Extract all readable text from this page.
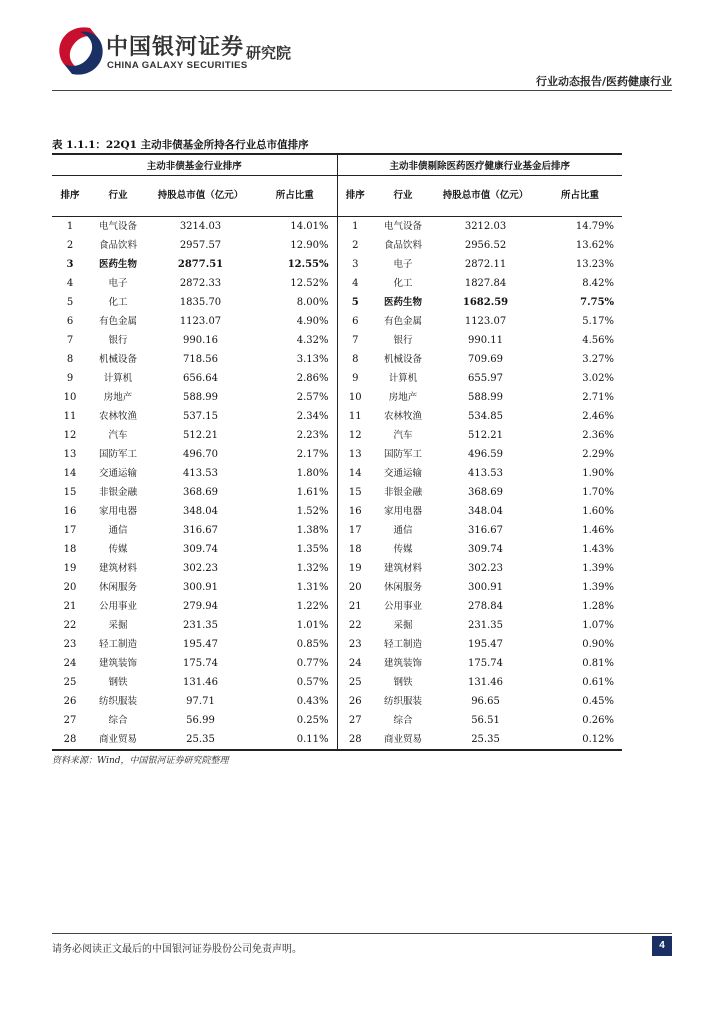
中国银河证券
CHINA GALAXY SECURITIES
研究院
行业动态报告/医药健康行业
表 1.1.1：22Q1 主动非债基金所持各行业总市值排序
主动非债基金行业排序				主动非债剔除医药医疗健康行业基金后排序			
排序	行业	持股总市值（亿元）	所占比重	排序	行业	持股总市值（亿元）	所占比重
1	电气设备	3214.03	14.01%	1	电气设备	3212.03	14.79%
2	食品饮料	2957.57	12.90%	2	食品饮料	2956.52	13.62%
3	医药生物	2877.51	12.55%	3	电子	2872.11	13.23%
4	电子	2872.33	12.52%	4	化工	1827.84	8.42%
5	化工	1835.70	8.00%	5	医药生物	1682.59	7.75%
6	有色金属	1123.07	4.90%	6	有色金属	1123.07	5.17%
7	银行	990.16	4.32%	7	银行	990.11	4.56%
8	机械设备	718.56	3.13%	8	机械设备	709.69	3.27%
9	计算机	656.64	2.86%	9	计算机	655.97	3.02%
10	房地产	588.99	2.57%	10	房地产	588.99	2.71%
11	农林牧渔	537.15	2.34%	11	农林牧渔	534.85	2.46%
12	汽车	512.21	2.23%	12	汽车	512.21	2.36%
13	国防军工	496.70	2.17%	13	国防军工	496.59	2.29%
14	交通运输	413.53	1.80%	14	交通运输	413.53	1.90%
15	非银金融	368.69	1.61%	15	非银金融	368.69	1.70%
16	家用电器	348.04	1.52%	16	家用电器	348.04	1.60%
17	通信	316.67	1.38%	17	通信	316.67	1.46%
18	传媒	309.74	1.35%	18	传媒	309.74	1.43%
19	建筑材料	302.23	1.32%	19	建筑材料	302.23	1.39%
20	休闲服务	300.91	1.31%	20	休闲服务	300.91	1.39%
21	公用事业	279.94	1.22%	21	公用事业	278.84	1.28%
22	采掘	231.35	1.01%	22	采掘	231.35	1.07%
23	轻工制造	195.47	0.85%	23	轻工制造	195.47	0.90%
24	建筑装饰	175.74	0.77%	24	建筑装饰	175.74	0.81%
25	钢铁	131.46	0.57%	25	钢铁	131.46	0.61%
26	纺织服装	97.71	0.43%	26	纺织服装	96.65	0.45%
27	综合	56.99	0.25%	27	综合	56.51	0.26%
28	商业贸易	25.35	0.11%	28	商业贸易	25.35	0.12%
资料来源：Wind，中国银河证券研究院整理
请务必阅读正文最后的中国银河证券股份公司免责声明。	4
